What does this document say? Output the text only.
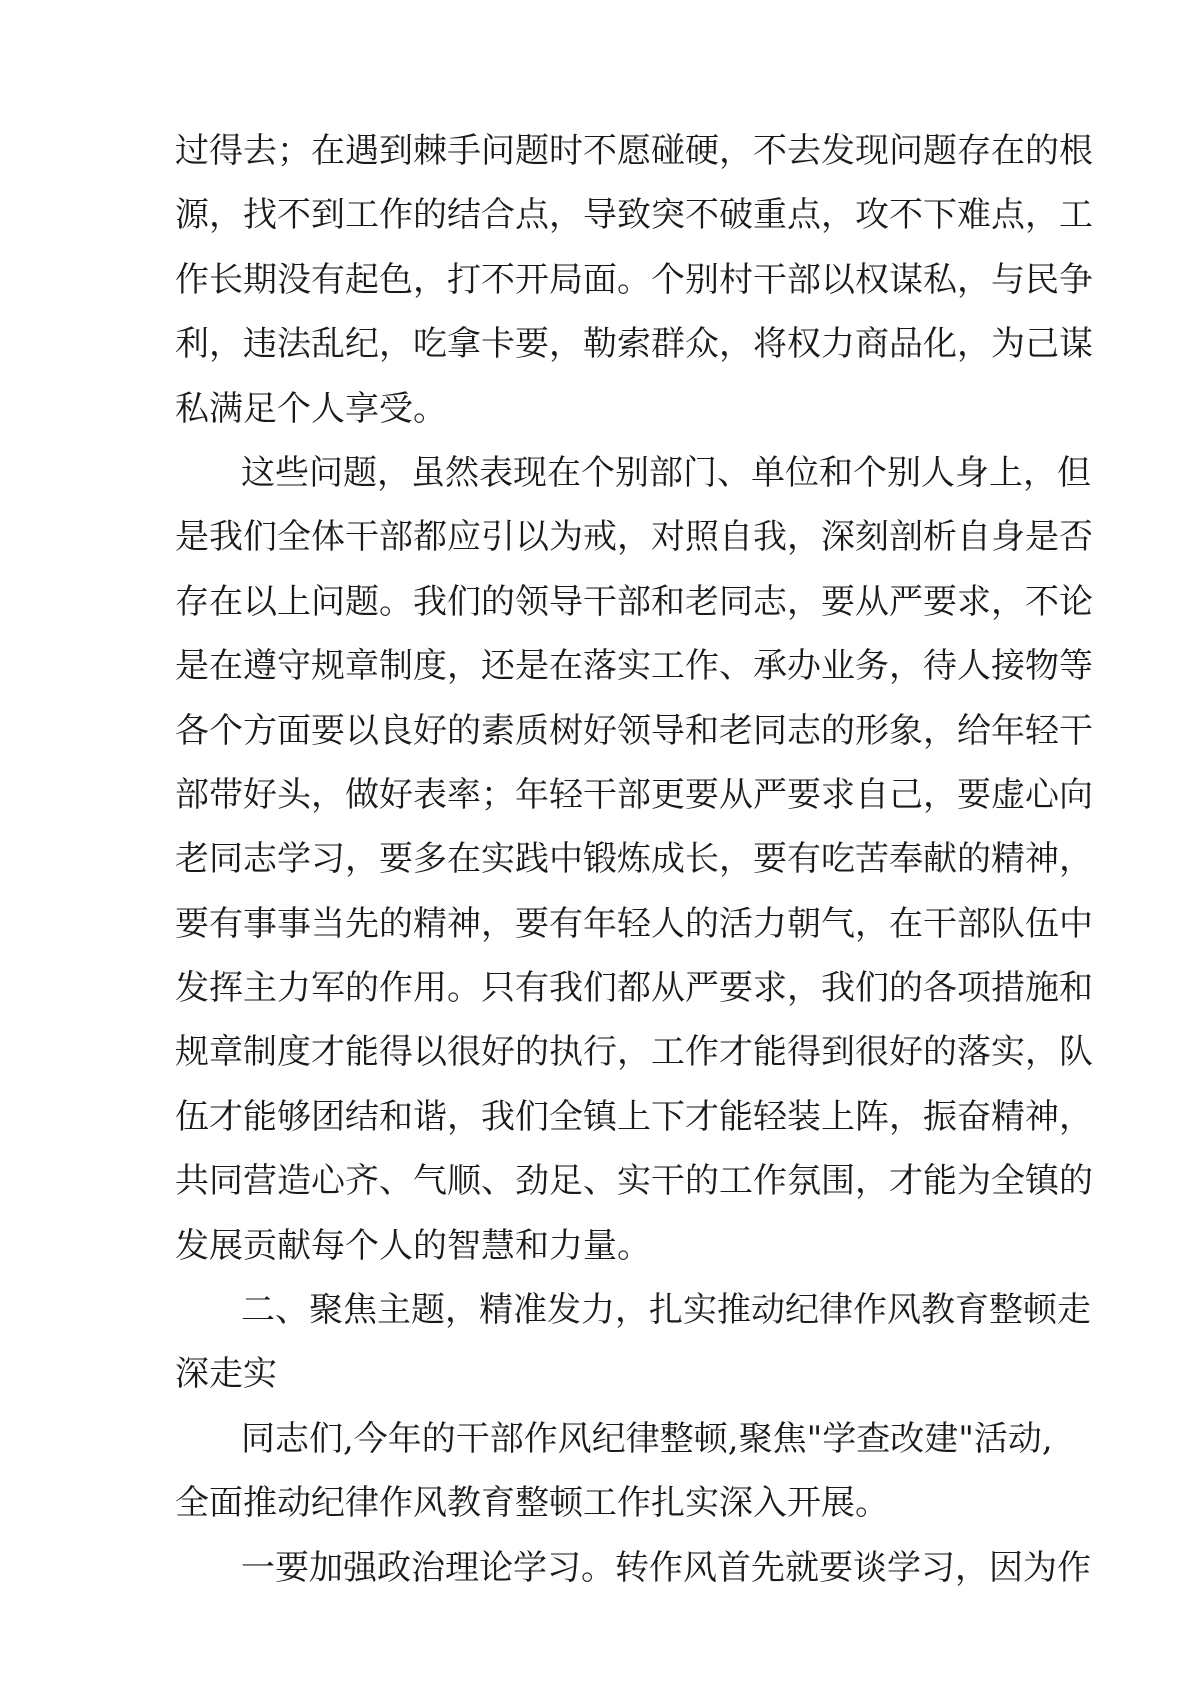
过得去；在遇到棘手问题时不愿碰硬，不去发现问题存在的根
源，找不到工作的结合点，导致突不破重点，攻不下难点，工
作长期没有起色，打不开局面。个别村干部以权谋私，与民争
利，违法乱纪，吃拿卡要，勒索群众，将权力商品化，为己谋
私满足个人享受。
这些问题，虽然表现在个别部门、单位和个别人身上，但
是我们全体干部都应引以为戒，对照自我，深刻剖析自身是否
存在以上问题。我们的领导干部和老同志，要从严要求，不论
是在遵守规章制度，还是在落实工作、承办业务，待人接物等
各个方面要以良好的素质树好领导和老同志的形象，给年轻干
部带好头，做好表率；年轻干部更要从严要求自己，要虚心向
老同志学习，要多在实践中锻炼成长，要有吃苦奉献的精神，
要有事事当先的精神，要有年轻人的活力朝气，在干部队伍中
发挥主力军的作用。只有我们都从严要求，我们的各项措施和
规章制度才能得以很好的执行，工作才能得到很好的落实，队
伍才能够团结和谐，我们全镇上下才能轻装上阵，振奋精神，
共同营造心齐、气顺、劲足、实干的工作氛围，才能为全镇的
发展贡献每个人的智慧和力量。
二、聚焦主题，精准发力，扎实推动纪律作风教育整顿走
深走实
同志们,今年的干部作风纪律整顿,聚焦"学查改建"活动,
全面推动纪律作风教育整顿工作扎实深入开展。
一要加强政治理论学习。转作风首先就要谈学习，因为作
